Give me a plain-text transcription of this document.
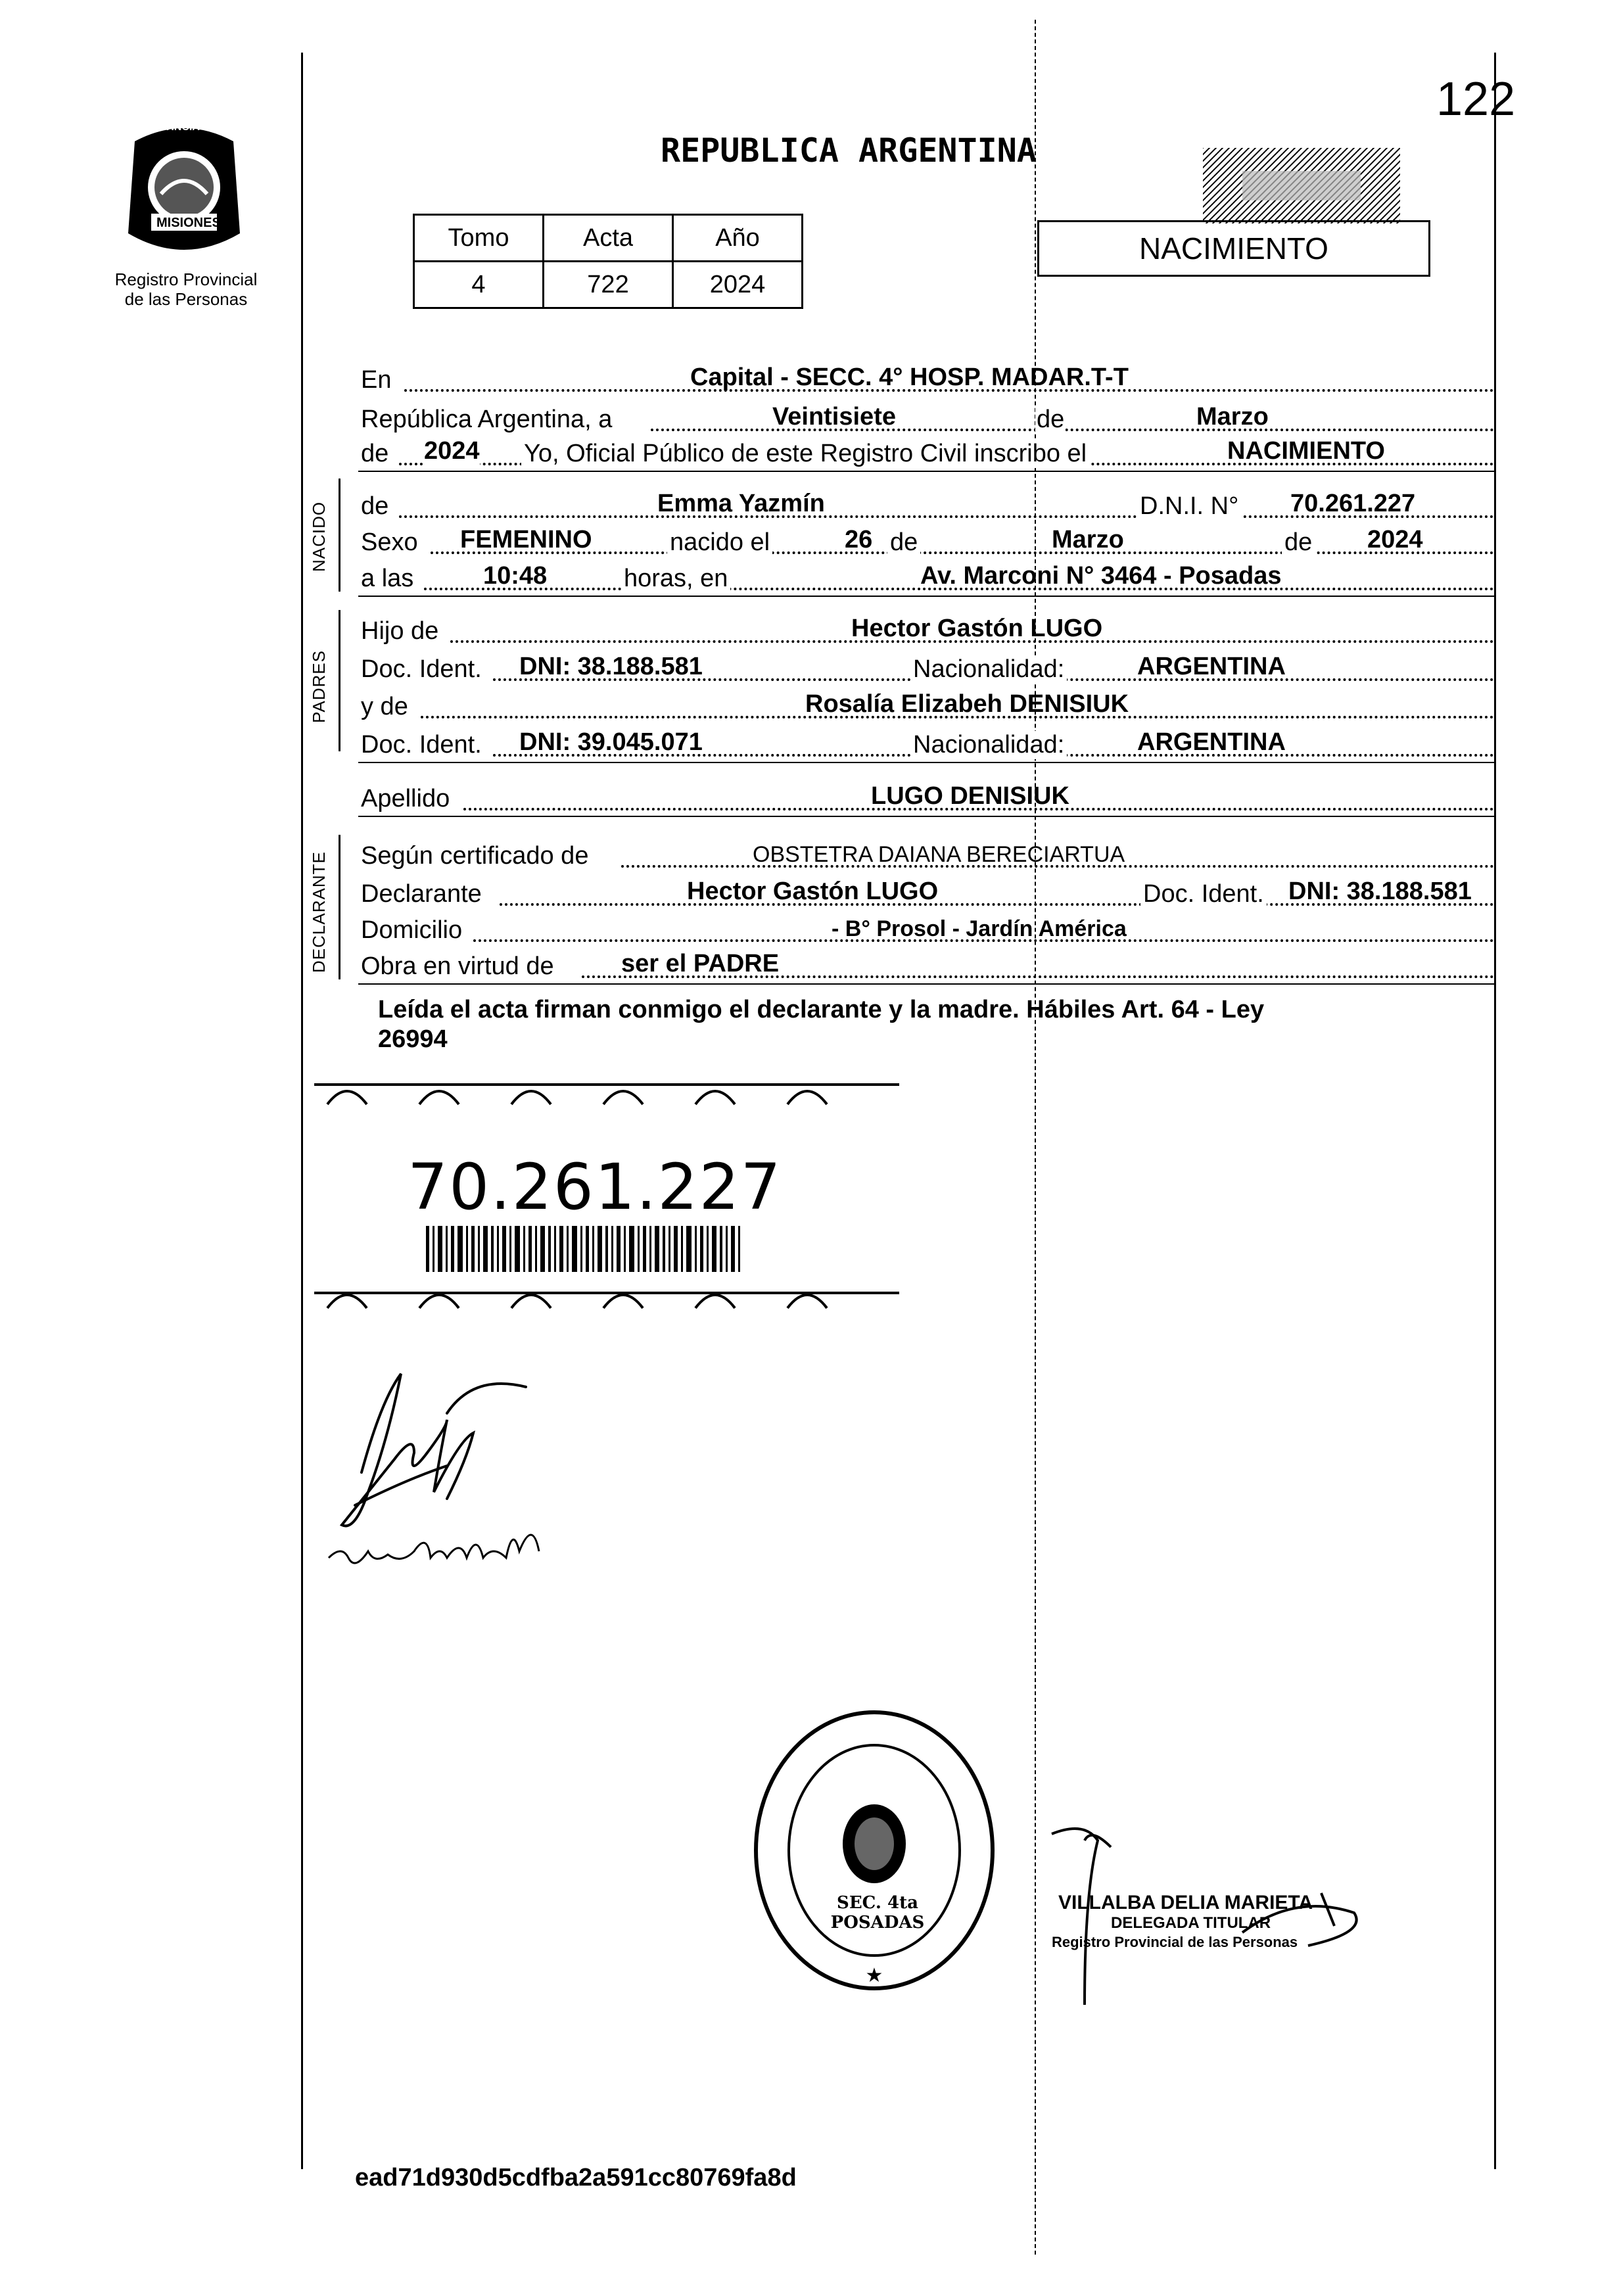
122
PROVINCIA DE
MISIONES
Registro Provincial
de las Personas
REPUBLICA ARGENTINA
NACIMIENTO
Tomo	Acta	Año
4	722	2024
En	Capital - SECC. 4° HOSP. MADAR.T-T
República Argentina, a	Veintisiete	de	Marzo
de 2024 Yo, Oficial Público de este Registro Civil inscribo el	NACIMIENTO
NACIDO de	Emma Yazmín	D.N.I. N° 70.261.227
Sexo FEMENINO	nacido el	26 de	Marzo	de 2024
a las	10:48	horas, en	Av. Marconi N° 3464 - Posadas
PADRES
Hijo de	Hector Gastón LUGO
Doc. Ident. DNI: 38.188.581	Nacionalidad:	ARGENTINA
y de	Rosalía Elizabeh DENISIUK
Doc. Ident. DNI: 39.045.071	Nacionalidad:	ARGENTINA
Apellido	LUGO DENISIUK
DECLARANTE Según certificado de	OBSTETRA DAIANA BERECIARTUA
Declarante	Hector Gastón LUGO	Doc. Ident. DNI: 38.188.581
Domicilio	- B° Prosol - Jardín América
Obra en virtud de	ser el PADRE
Leída el acta firman conmigo el declarante y la madre. Hábiles Art. 64 - Ley
26994
70.261.227
★
SEC. 4ta POSADAS
VILLALBA DELIA MARIETA
DELEGADA TITULAR
Registro Provincial de las Personas
ead71d930d5cdfba2a591cc80769fa8d
